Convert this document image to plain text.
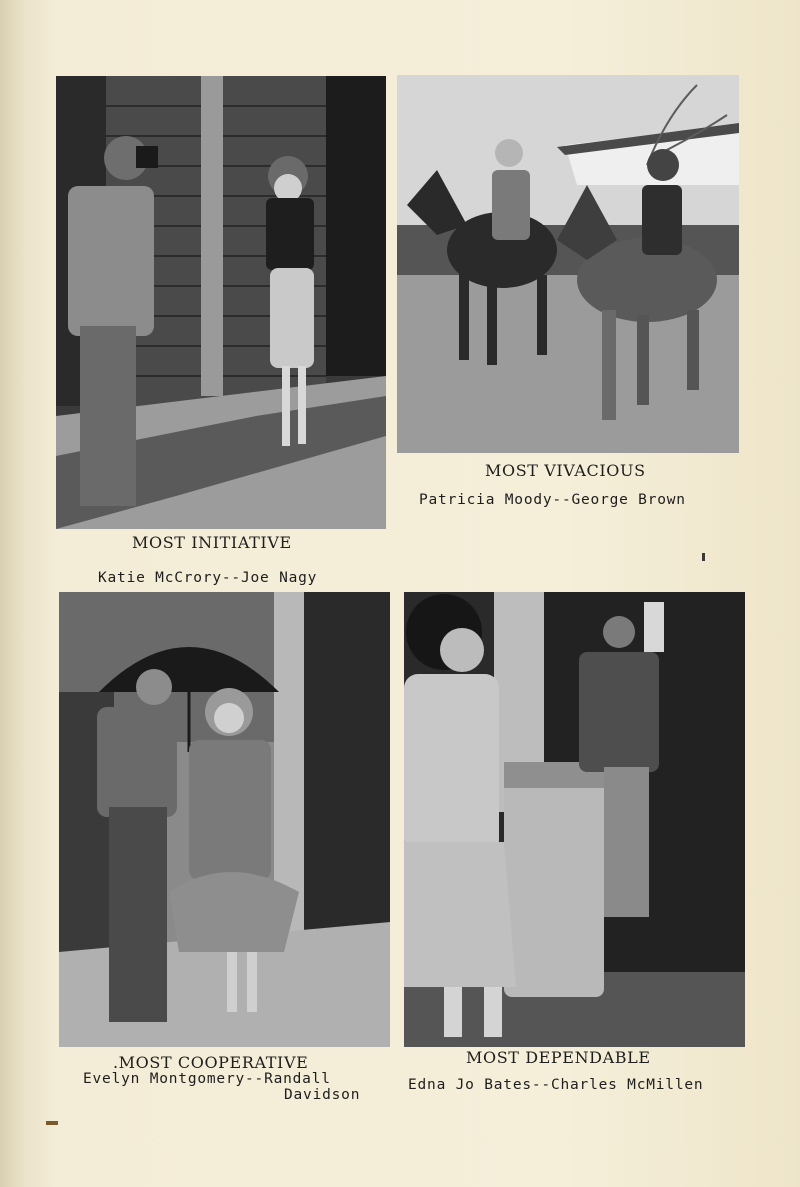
MOST INITIATIVE
Katie McCrory--Joe Nagy
MOST VIVACIOUS
Patricia Moody--George Brown
.MOST COOPERATIVE
Evelyn Montgomery--Randall
Davidson
MOST DEPENDABLE
Edna Jo Bates--Charles McMillen
